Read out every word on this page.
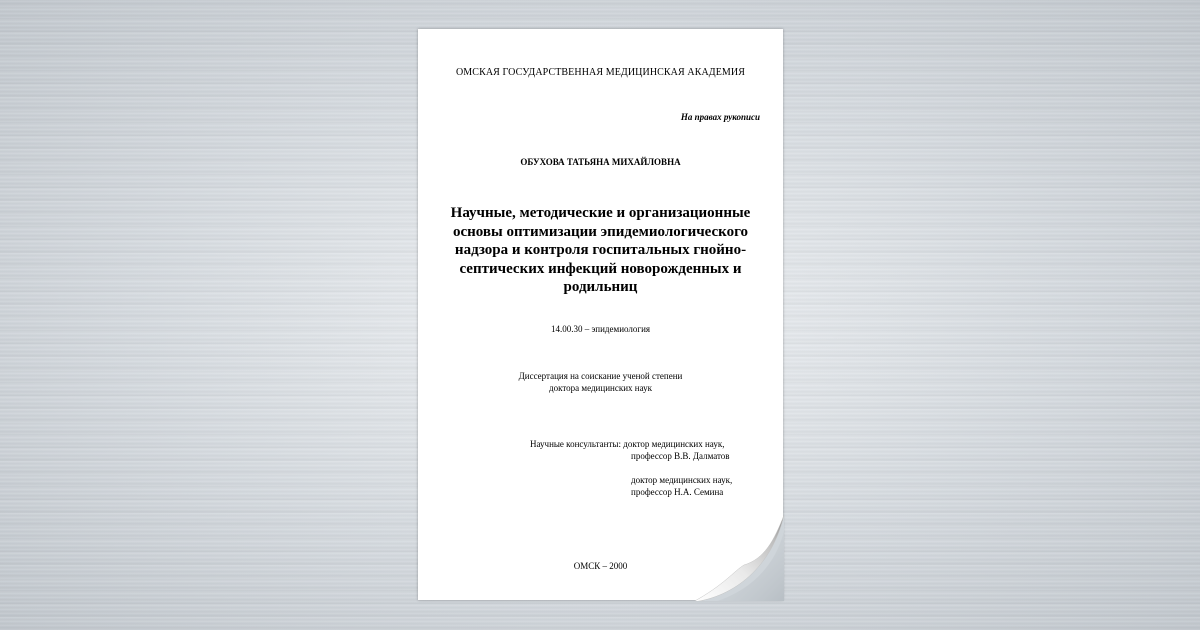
ОМСКАЯ ГОСУДАРСТВЕННАЯ МЕДИЦИНСКАЯ АКАДЕМИЯ
На правах рукописи
ОБУХОВА ТАТЬЯНА МИХАЙЛОВНА
Научные, методические и организационные
основы оптимизации эпидемиологического
надзора и контроля госпитальных гнойно-
септических инфекций новорожденных и
родильниц
14.00.30 – эпидемиология
Диссертация на соискание ученой степени
доктора медицинских наук
Научные консультанты: доктор медицинских наук,
профессор В.В. Далматов
доктор медицинских наук,
профессор Н.А. Семина
ОМСК – 2000
